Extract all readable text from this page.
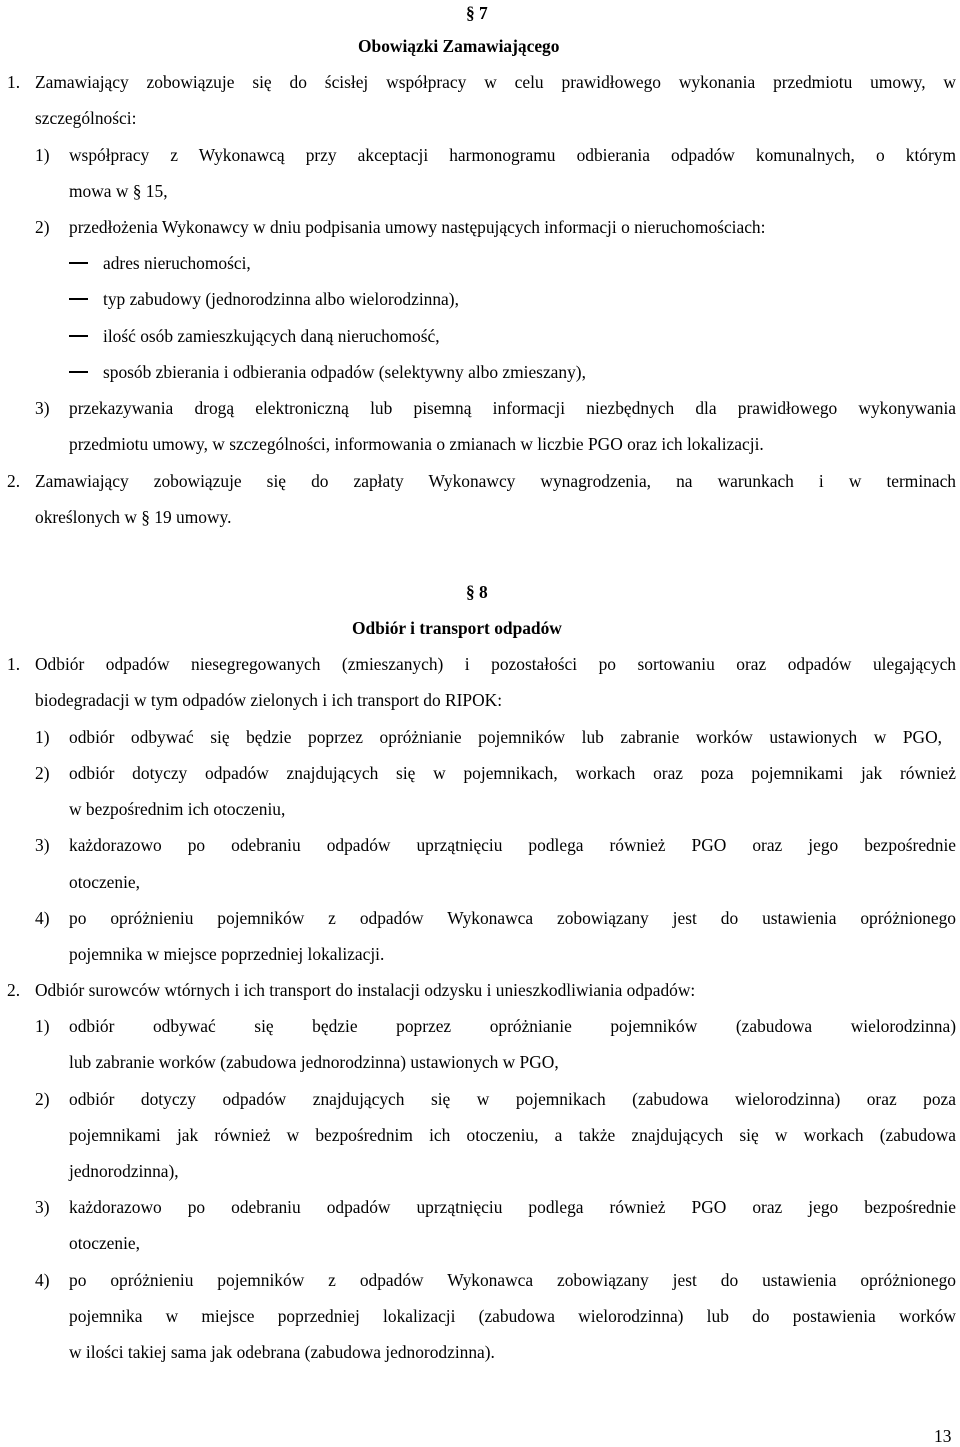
§ 7
Obowiązki Zamawiającego
1. Zamawiający zobowiązuje się do ścisłej współpracy w celu prawidłowego wykonania przedmiotu umowy, w
szczególności:
1) współpracy z Wykonawcą przy akceptacji harmonogramu odbierania odpadów komunalnych, o którym
mowa w § 15,
2) przedłożenia Wykonawcy w dniu podpisania umowy następujących informacji o nieruchomościach:
adres nieruchomości,
typ zabudowy (jednorodzinna albo wielorodzinna),
ilość osób zamieszkujących daną nieruchomość,
sposób zbierania i odbierania odpadów (selektywny albo zmieszany),
3) przekazywania drogą elektroniczną lub pisemną informacji niezbędnych dla prawidłowego wykonywania
przedmiotu umowy, w szczególności, informowania o zmianach w liczbie PGO oraz ich lokalizacji.
2. Zamawiający zobowiązuje się do zapłaty Wykonawcy wynagrodzenia, na warunkach i w terminach
określonych w § 19 umowy.
§ 8
Odbiór i transport odpadów
1. Odbiór odpadów niesegregowanych (zmieszanych) i pozostałości po sortowaniu oraz odpadów ulegających
biodegradacji w tym odpadów zielonych i ich transport do RIPOK:
1) odbiór odbywać się będzie poprzez opróżnianie pojemników lub zabranie worków ustawionych w PGO,
2) odbiór dotyczy odpadów znajdujących się w pojemnikach, workach oraz poza pojemnikami jak również
w bezpośrednim ich otoczeniu,
3) każdorazowo po odebraniu odpadów uprzątnięciu podlega również PGO oraz jego bezpośrednie
otoczenie,
4) po opróżnieniu pojemników z odpadów Wykonawca zobowiązany jest do ustawienia opróżnionego
pojemnika w miejsce poprzedniej lokalizacji.
2. Odbiór surowców wtórnych i ich transport do instalacji odzysku i unieszkodliwiania odpadów:
1) odbiór odbywać się będzie poprzez opróżnianie pojemników (zabudowa wielorodzinna)
lub zabranie worków (zabudowa jednorodzinna) ustawionych w PGO,
2) odbiór dotyczy odpadów znajdujących się w pojemnikach (zabudowa wielorodzinna) oraz poza
pojemnikami jak również w bezpośrednim ich otoczeniu, a także znajdujących się w workach (zabudowa
jednorodzinna),
3) każdorazowo po odebraniu odpadów uprzątnięciu podlega również PGO oraz jego bezpośrednie
otoczenie,
4) po opróżnieniu pojemników z odpadów Wykonawca zobowiązany jest do ustawienia opróżnionego
pojemnika w miejsce poprzedniej lokalizacji (zabudowa wielorodzinna) lub do postawienia worków
w ilości takiej sama jak odebrana (zabudowa jednorodzinna).
13
